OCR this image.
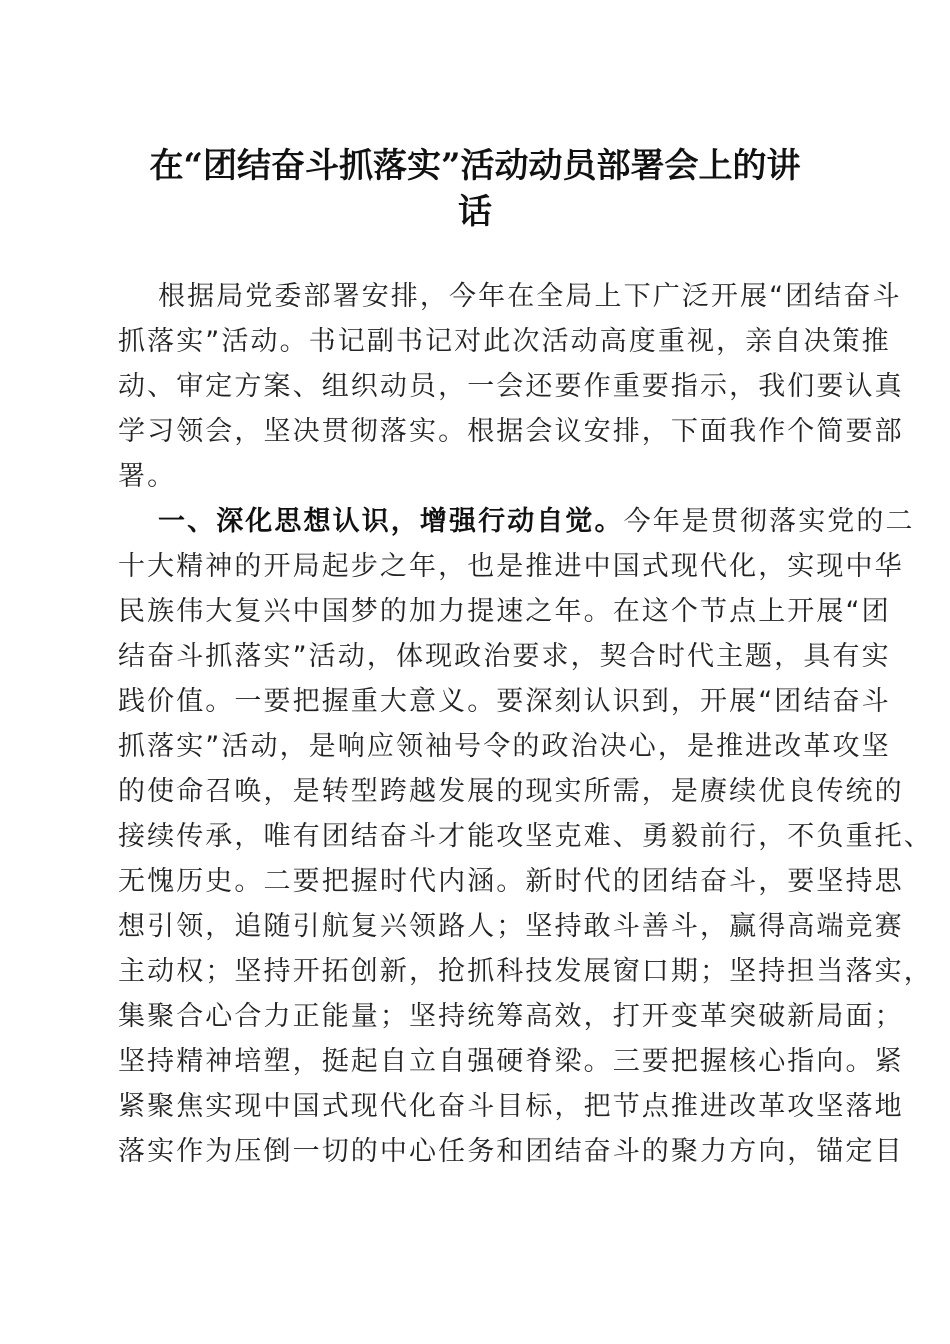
在“团结奋斗抓落实”活动动员部署会上的讲
话
根据局党委部署安排，今年在全局上下广泛开展“团结奋斗
抓落实”活动。书记副书记对此次活动高度重视，亲自决策推
动、审定方案、组织动员，一会还要作重要指示，我们要认真
学习领会，坚决贯彻落实。根据会议安排，下面我作个简要部
署。
一、深化思想认识，增强行动自觉。今年是贯彻落实党的二
十大精神的开局起步之年，也是推进中国式现代化，实现中华
民族伟大复兴中国梦的加力提速之年。在这个节点上开展“团
结奋斗抓落实”活动，体现政治要求，契合时代主题，具有实
践价值。一要把握重大意义。要深刻认识到，开展“团结奋斗
抓落实”活动，是响应领袖号令的政治决心，是推进改革攻坚
的使命召唤，是转型跨越发展的现实所需，是赓续优良传统的
接续传承，唯有团结奋斗才能攻坚克难、勇毅前行，不负重托、
无愧历史。二要把握时代内涵。新时代的团结奋斗，要坚持思
想引领，追随引航复兴领路人；坚持敢斗善斗，赢得高端竞赛
主动权；坚持开拓创新，抢抓科技发展窗口期；坚持担当落实，
集聚合心合力正能量；坚持统筹高效，打开变革突破新局面；
坚持精神培塑，挺起自立自强硬脊梁。三要把握核心指向。紧
紧聚焦实现中国式现代化奋斗目标，把节点推进改革攻坚落地
落实作为压倒一切的中心任务和团结奋斗的聚力方向，锚定目
